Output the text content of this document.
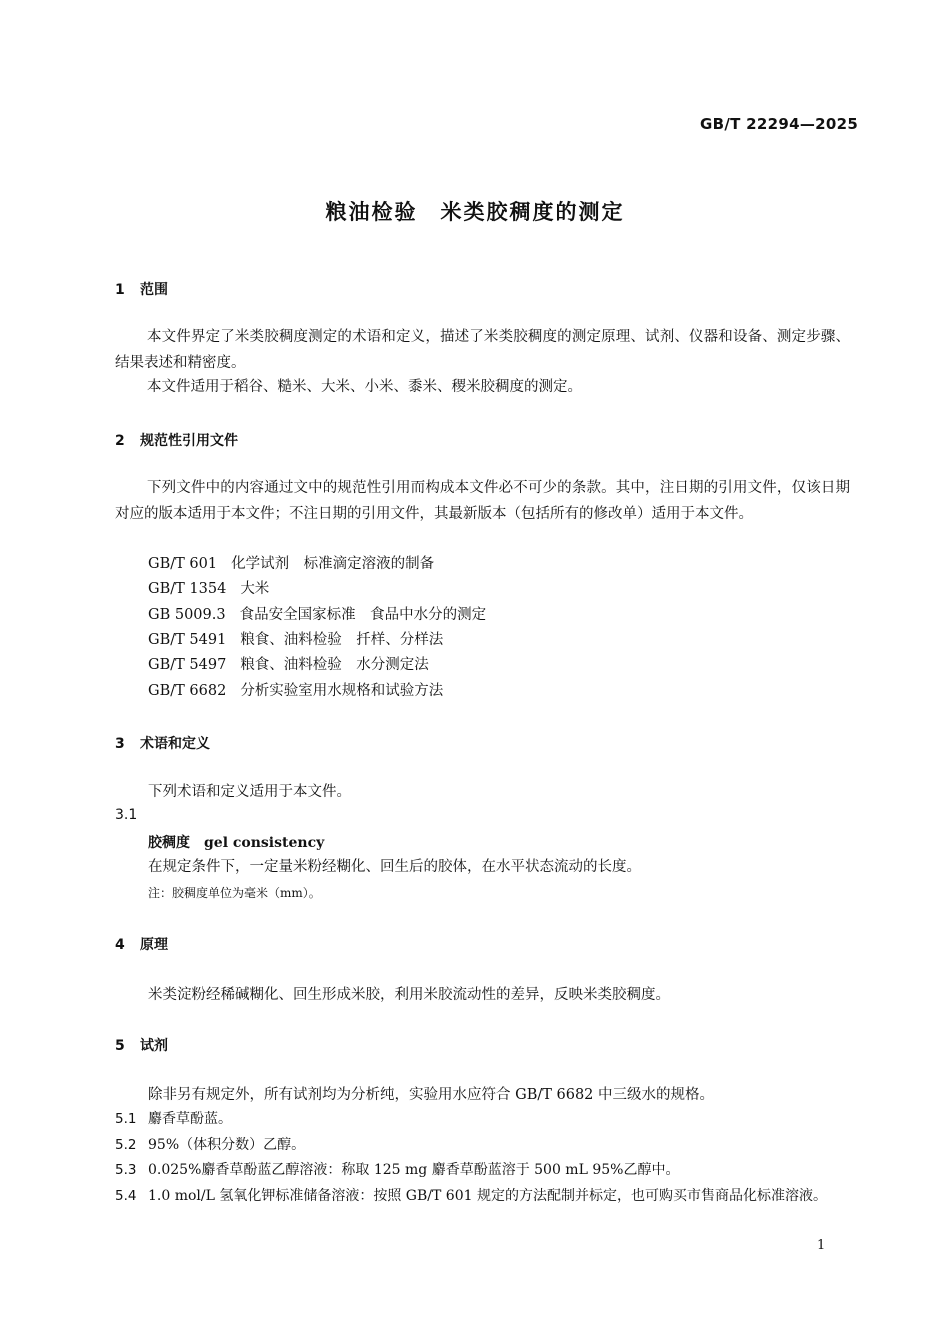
GB/T 22294—2025
粮油检验　米类胶稠度的测定
1 范围
本文件界定了米类胶稠度测定的术语和定义，描述了米类胶稠度的测定原理、试剂、仪器和设备、测定步骤、结果表述和精密度。
本文件适用于稻谷、糙米、大米、小米、黍米、稷米胶稠度的测定。
2 规范性引用文件
下列文件中的内容通过文中的规范性引用而构成本文件必不可少的条款。其中，注日期的引用文件，仅该日期对应的版本适用于本文件；不注日期的引用文件，其最新版本（包括所有的修改单）适用于本文件。
GB/T 601 化学试剂　标准滴定溶液的制备
GB/T 1354 大米
GB 5009.3 食品安全国家标准　食品中水分的测定
GB/T 5491 粮食、油料检验　扦样、分样法
GB/T 5497 粮食、油料检验　水分测定法
GB/T 6682 分析实验室用水规格和试验方法
3 术语和定义
下列术语和定义适用于本文件。
3.1
胶稠度　gel consistency
在规定条件下，一定量米粉经糊化、回生后的胶体，在水平状态流动的长度。
注：胶稠度单位为毫米（mm）。
4 原理
米类淀粉经稀碱糊化、回生形成米胶，利用米胶流动性的差异，反映米类胶稠度。
5 试剂
除非另有规定外，所有试剂均为分析纯，实验用水应符合 GB/T 6682 中三级水的规格。
5.1 麝香草酚蓝。
5.2 95%（体积分数）乙醇。
5.3 0.025%麝香草酚蓝乙醇溶液：称取 125 mg 麝香草酚蓝溶于 500 mL 95%乙醇中。
5.4 1.0 mol/L 氢氧化钾标准储备溶液：按照 GB/T 601 规定的方法配制并标定，也可购买市售商品化标准溶液。
1
